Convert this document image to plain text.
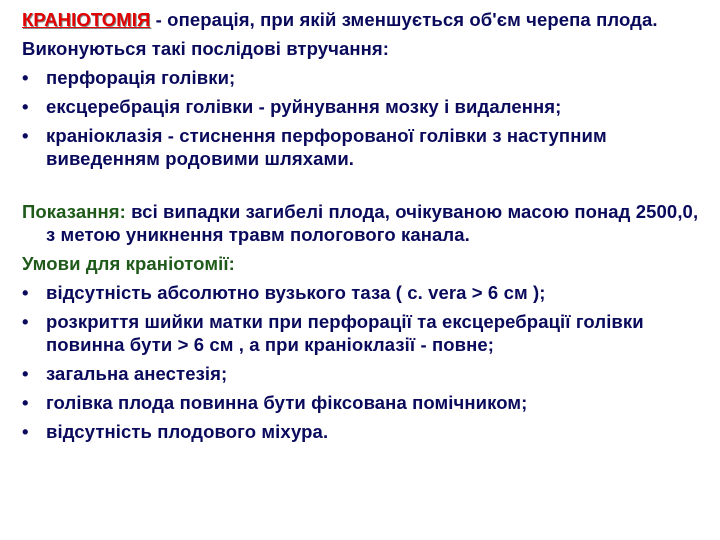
КРАНІОТОМІЯ - операція, при якій зменшується об'єм черепа плода.

Виконуються такі послідові втручання:

• перфорація голівки;
• ексцеребрація голівки - руйнування мозку і видалення;
• краніоклазія - стиснення перфорованої голівки з наступним виведенням родовими шляхами.

Показання: всі випадки загибелі плода, очікуваною масою понад 2500,0, з метою уникнення травм пологового канала.

Умови для краніотомії:

• відсутність абсолютно вузького таза ( c. vera > 6 см );
• розкриття шийки матки при перфорації та ексцеребрації голівки повинна бути > 6 см , а при краніоклазії - повне;
• загальна анестезія;
• голівка плода повинна бути фіксована помічником;
• відсутність плодового міхура.
